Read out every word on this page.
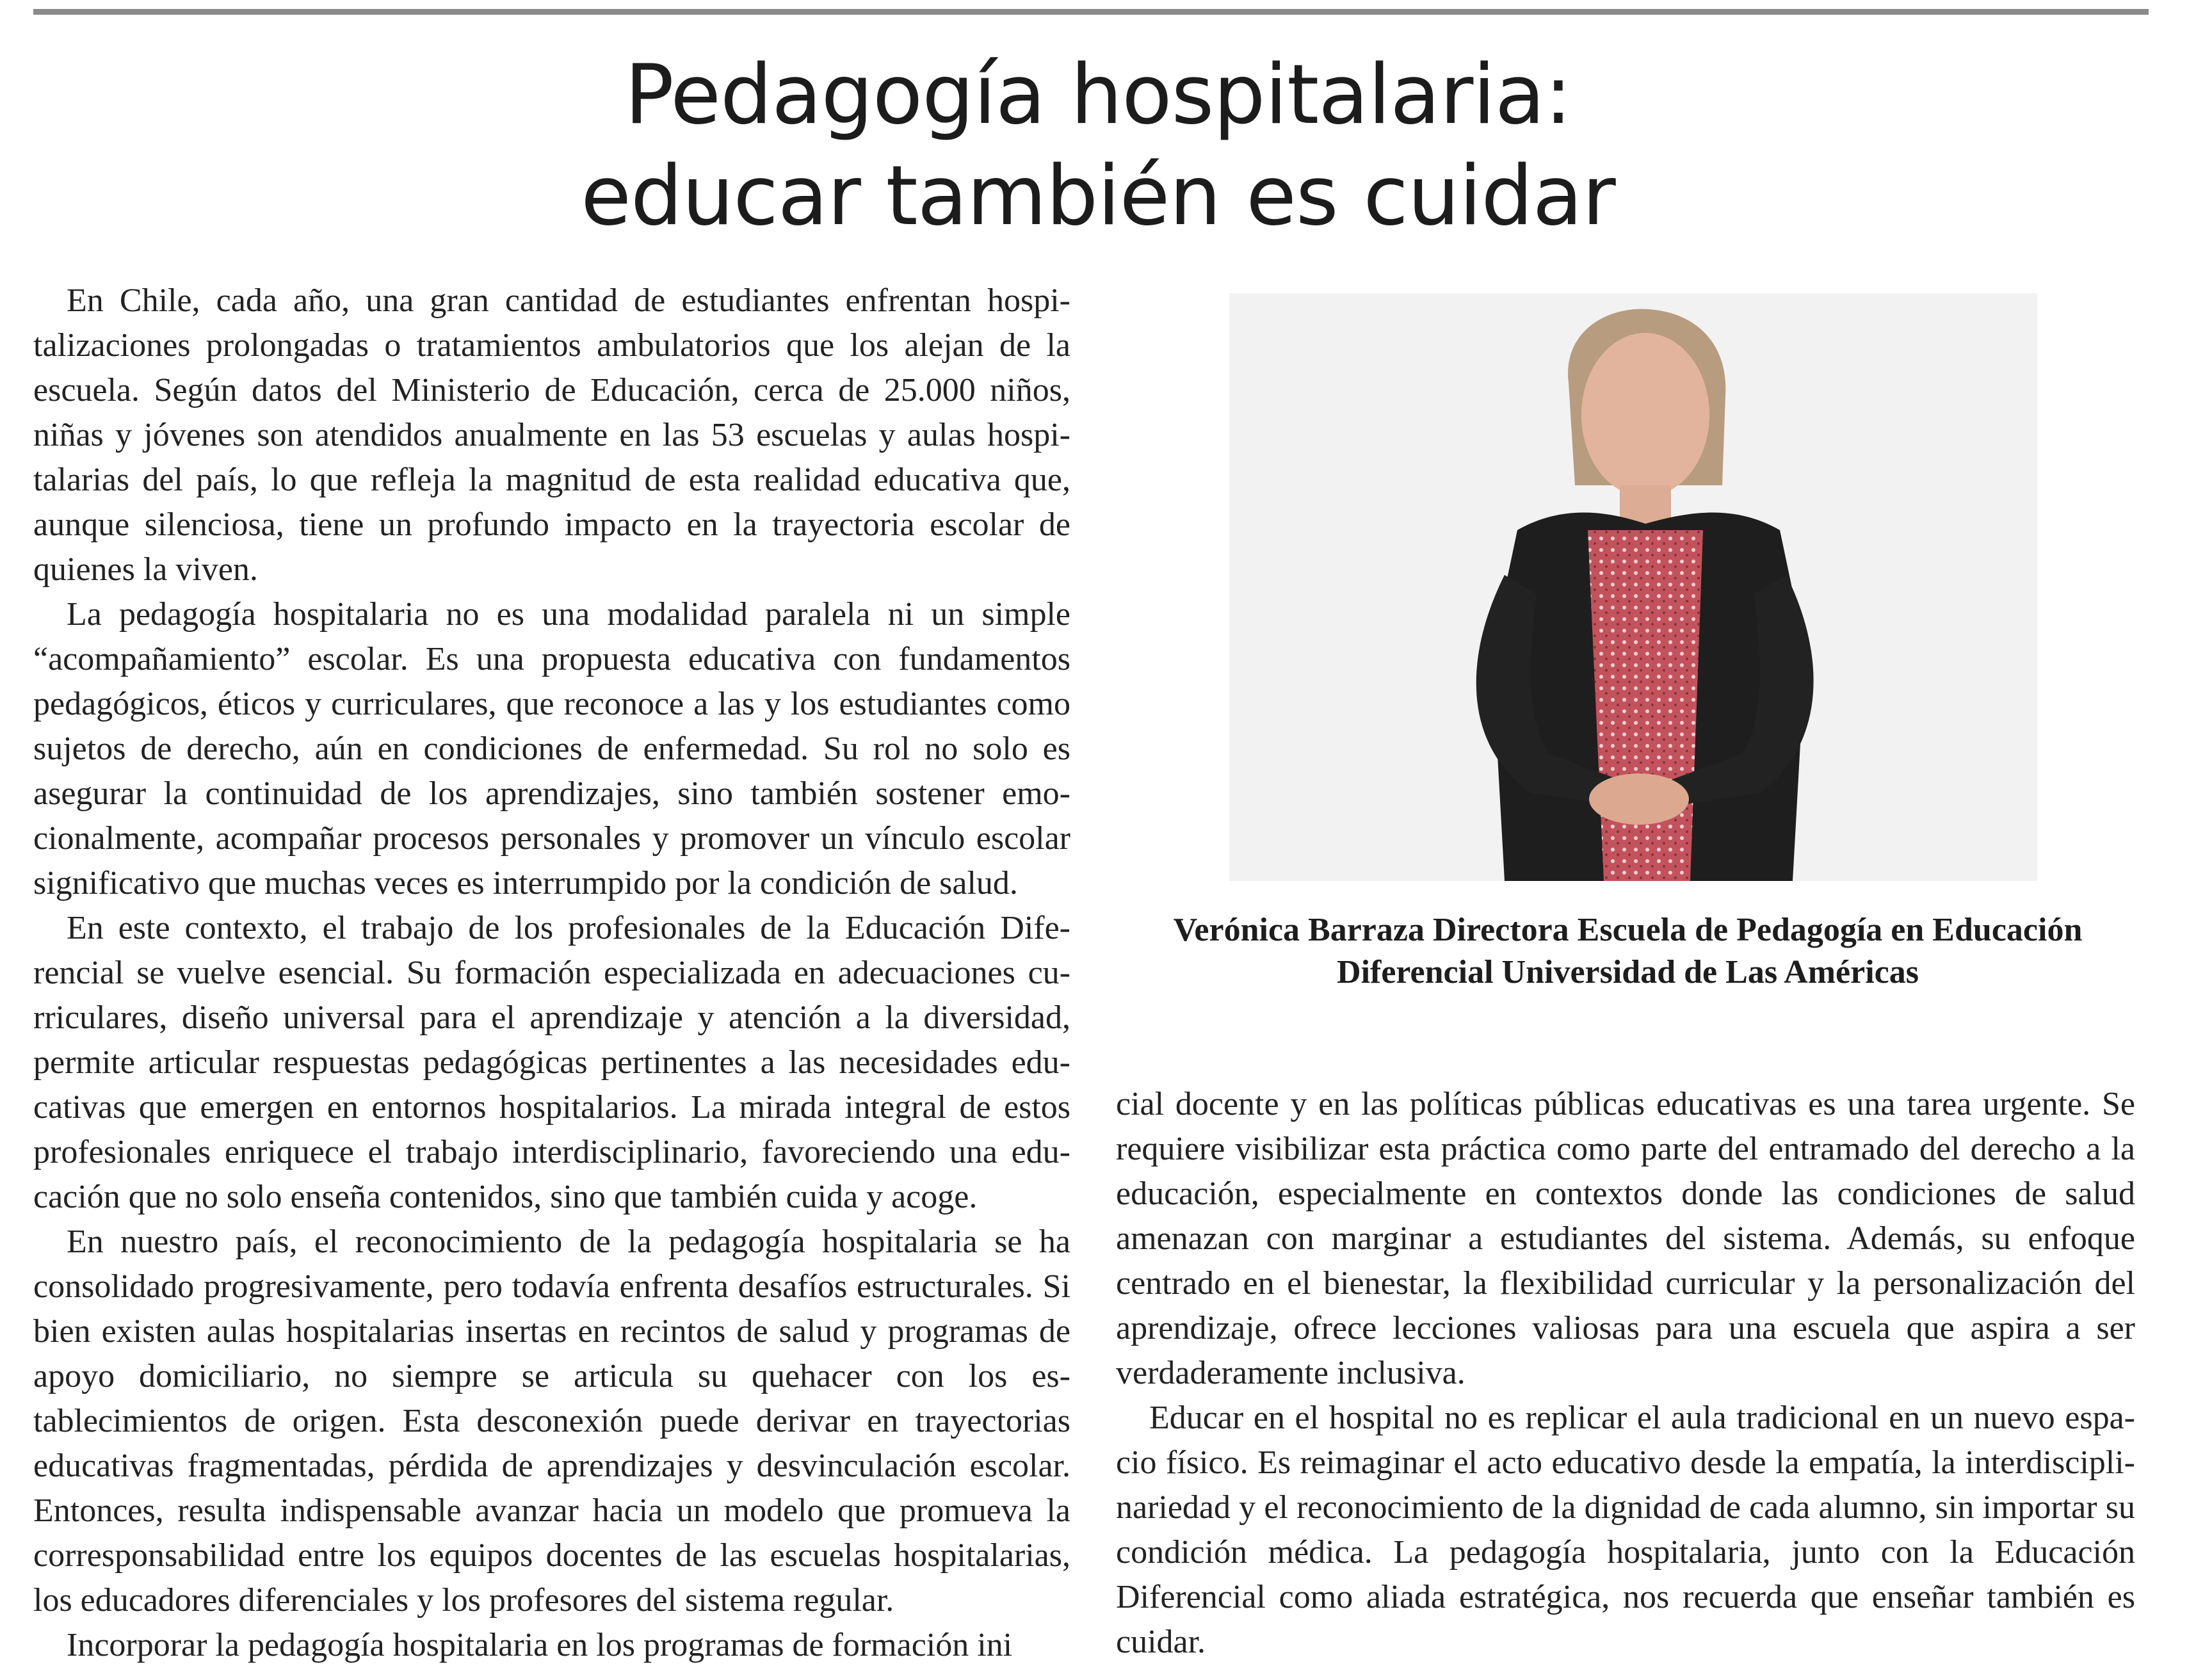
Pedagogía hospitalaria:
educar también es cuidar

En Chile, cada año, una gran cantidad de estudiantes enfrentan hospitalizaciones prolongadas o tratamientos ambulatorios que los alejan de la escuela. Según datos del Ministerio de Educación, cerca de 25.000 niños, niñas y jóvenes son atendidos anualmente en las 53 escuelas y aulas hospitalarias del país, lo que refleja la magnitud de esta realidad educativa que, aunque silenciosa, tiene un profundo impacto en la trayectoria escolar de quienes la viven.

La pedagogía hospitalaria no es una modalidad paralela ni un simple “acompañamiento” escolar. Es una propuesta educativa con fundamentos pedagógicos, éticos y curriculares, que reconoce a las y los estudiantes como sujetos de derecho, aún en condiciones de enfermedad. Su rol no solo es asegurar la continuidad de los aprendizajes, sino también sostener emocionalmente, acompañar procesos personales y promover un vínculo escolar significativo que muchas veces es interrumpido por la condición de salud.

En este contexto, el trabajo de los profesionales de la Educación Diferencial se vuelve esencial. Su formación especializada en adecuaciones curriculares, diseño universal para el aprendizaje y atención a la diversidad, permite articular respuestas pedagógicas pertinentes a las necesidades educativas que emergen en entornos hospitalarios. La mirada integral de estos profesionales enriquece el trabajo interdisciplinario, favoreciendo una educación que no solo enseña contenidos, sino que también cuida y acoge.

En nuestro país, el reconocimiento de la pedagogía hospitalaria se ha consolidado progresivamente, pero todavía enfrenta desafíos estructurales. Si bien existen aulas hospitalarias insertas en recintos de salud y programas de apoyo domiciliario, no siempre se articula su quehacer con los establecimientos de origen. Esta desconexión puede derivar en trayectorias educativas fragmentadas, pérdida de aprendizajes y desvinculación escolar. Entonces, resulta indispensable avanzar hacia un modelo que promueva la corresponsabilidad entre los equipos docentes de las escuelas hospitalarias, los educadores diferenciales y los profesores del sistema regular.

Incorporar la pedagogía hospitalaria en los programas de formación ini

Verónica Barraza Directora Escuela de Pedagogía en Educación
Diferencial Universidad de Las Américas

cial docente y en las políticas públicas educativas es una tarea urgente. Se requiere visibilizar esta práctica como parte del entramado del derecho a la educación, especialmente en contextos donde las condiciones de salud amenazan con marginar a estudiantes del sistema. Además, su enfoque centrado en el bienestar, la flexibilidad curricular y la personalización del aprendizaje, ofrece lecciones valiosas para una escuela que aspira a ser verdaderamente inclusiva.

Educar en el hospital no es replicar el aula tradicional en un nuevo espacio físico. Es reimaginar el acto educativo desde la empatía, la interdisciplinariedad y el reconocimiento de la dignidad de cada alumno, sin importar su condición médica. La pedagogía hospitalaria, junto con la Educación Diferencial como aliada estratégica, nos recuerda que enseñar también es cuidar.
